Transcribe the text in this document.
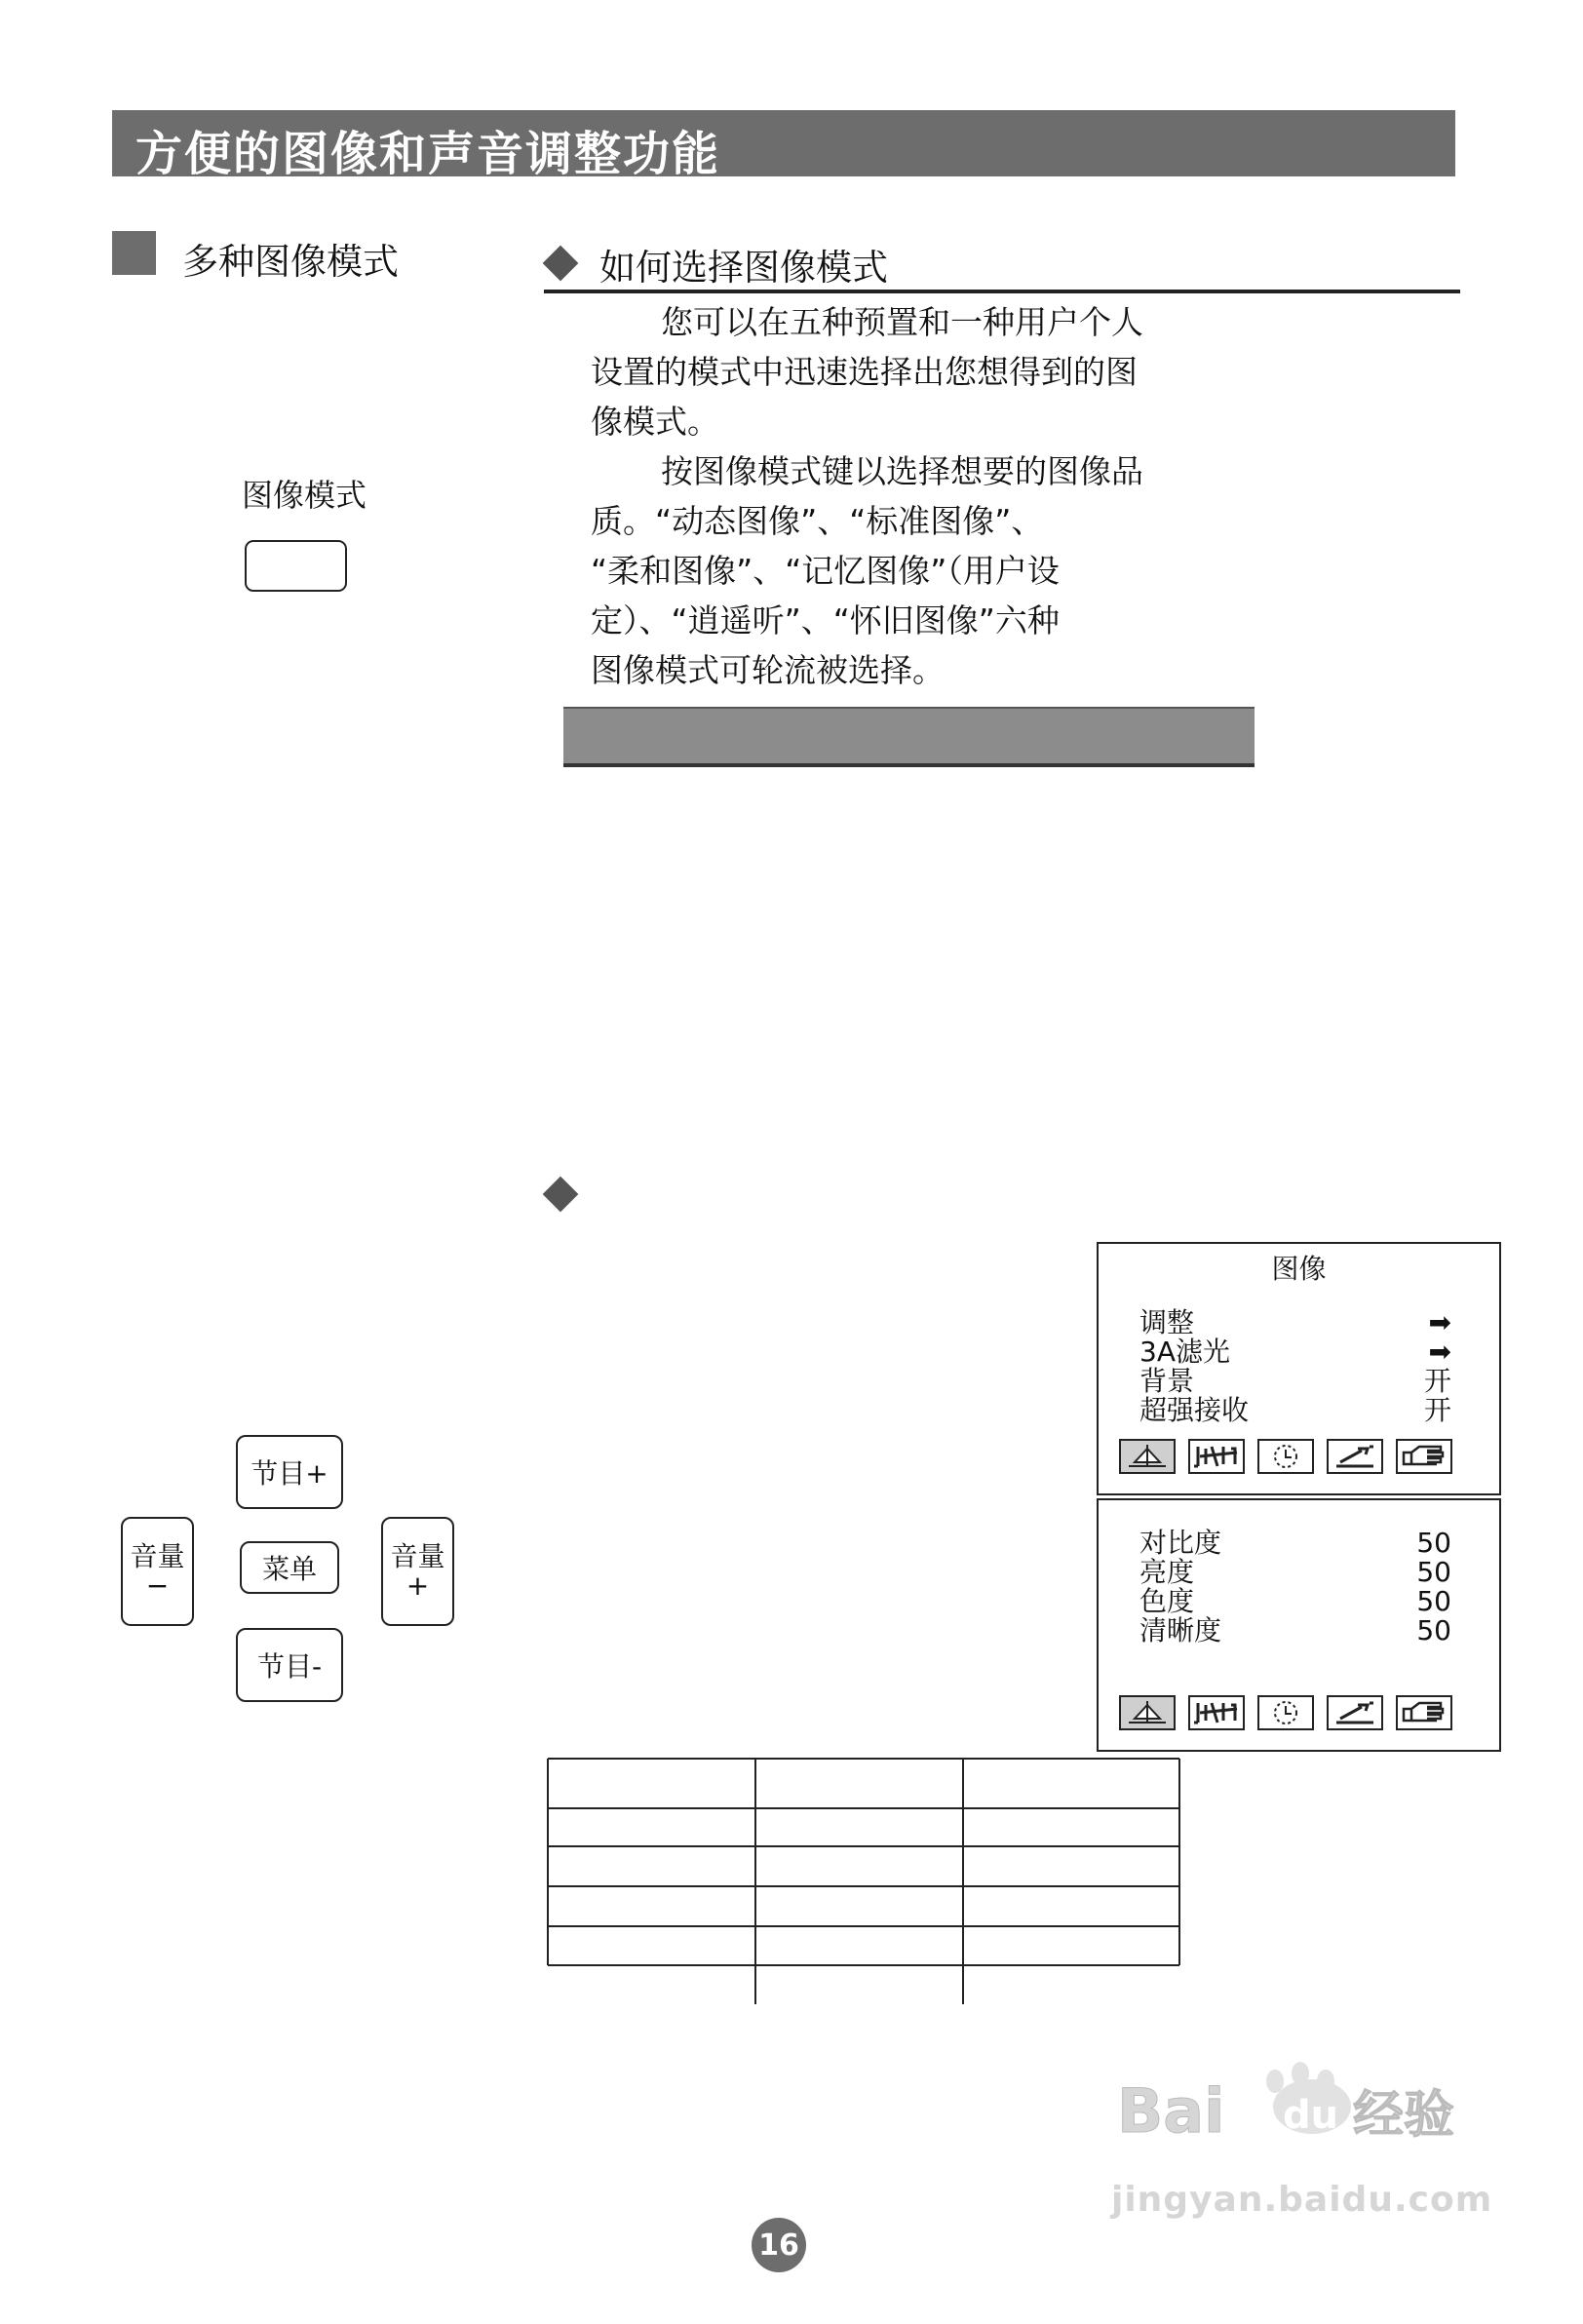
方便的图像和声音调整功能
多种图像模式	如何选择图像模式

您可以在五种预置和一种用户个人

设置的模式中迅速选择出您想得到的图

像模式。

按图像模式键以选择想要的图像品

质。“动态图像”、“标准图像”、

“柔和图像”、“记忆图像”（用户设

定）、“逍遥听”、“怀旧图像”六种

图像模式可轮流被选择。

图像模式
节目+
菜单
节目-
音量
−
音量
+
图像
调整	➡
3A滤光	➡
背景	开
超强接收	开
对比度	50
亮度	50
色度	50
清晰度	50
Bai du 经验
jingyan.baidu.com
16
